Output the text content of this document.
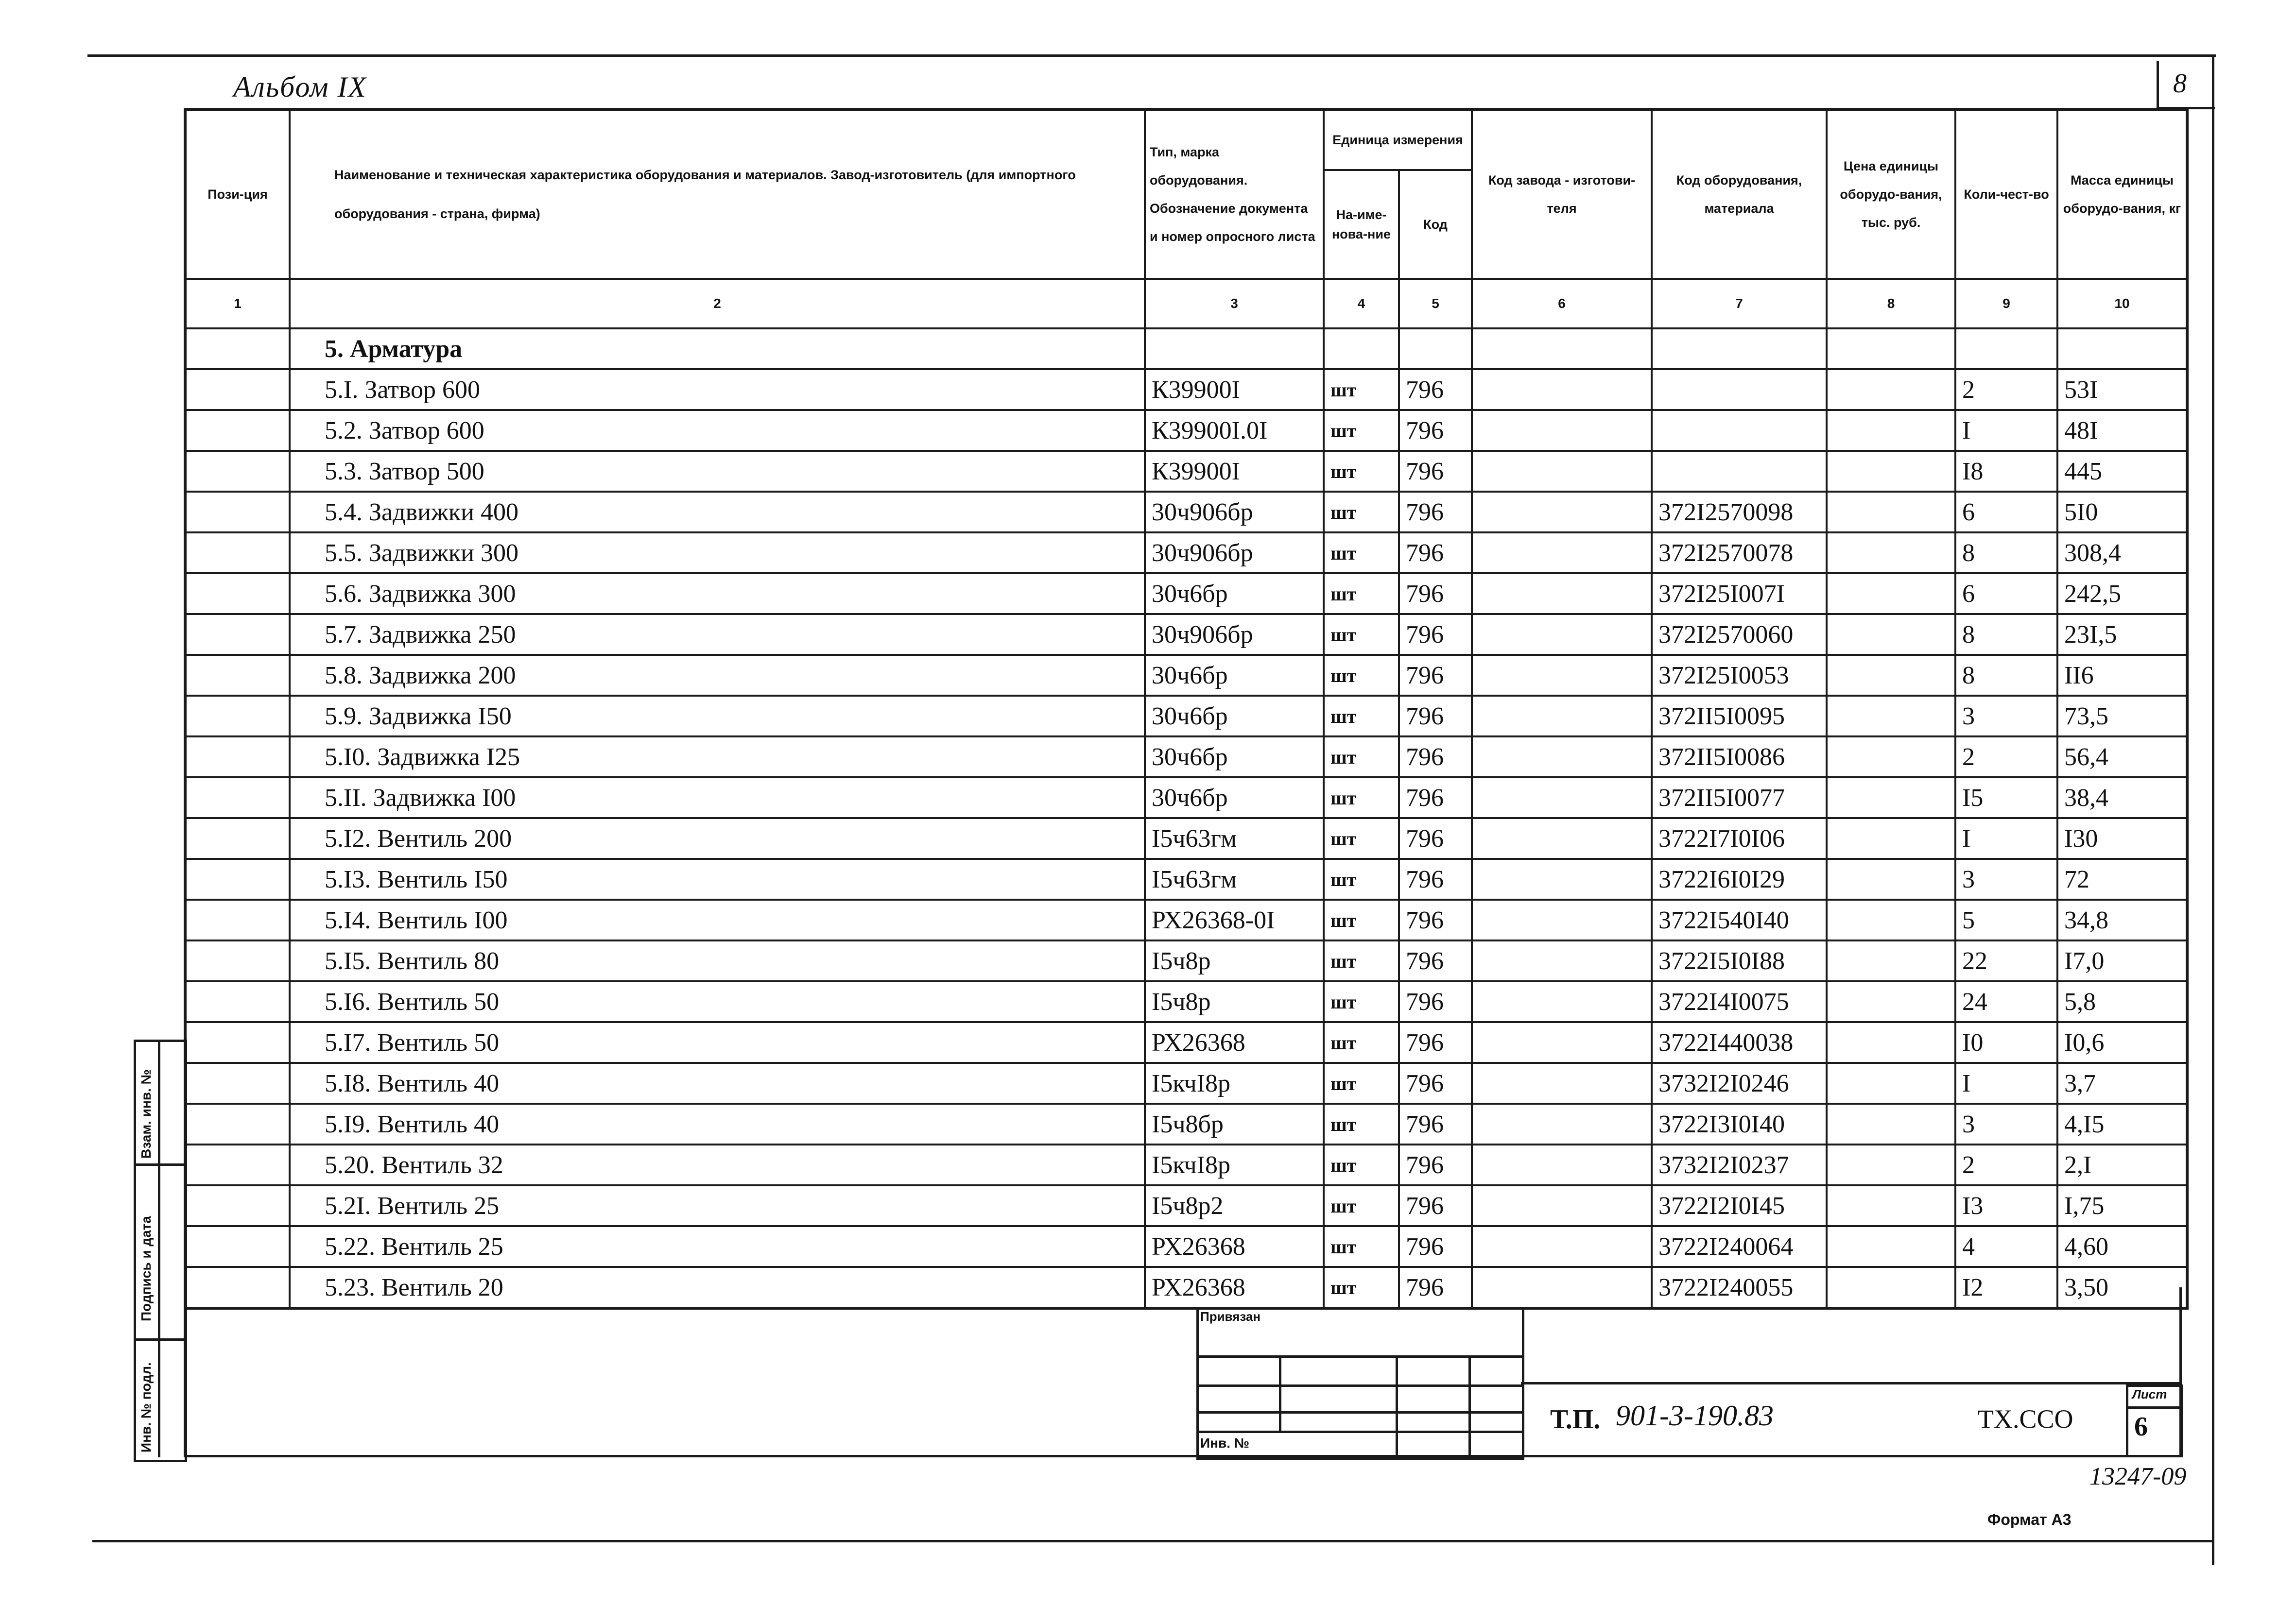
Альбом IX	8
Пози-ция	Наименование и техническая характеристика оборудования и материалов. Завод-изготовитель (для импортного оборудования - страна, фирма)	Тип, марка оборудования. Обозначение документа и номер опросного листа	Единица измерения		Код завода - изготови-теля	Код оборудования, материала	Цена единицы оборудо-вания, тыс. руб.	Коли-чест-во	Масса единицы оборудо-вания, кг
			На-име-нова-ние	Код					
1	2	3	4	5	6	7	8	9	10
	5. Арматура								
	5.I. Затвор 600	К39900I	шт	796				2	53I
	5.2. Затвор 600	К39900I.0I	шт	796				I	48I
	5.3. Затвор 500	К39900I	шт	796				I8	445
	5.4. Задвижки 400	30ч906бр	шт	796		372I2570098		6	5I0
	5.5. Задвижки 300	30ч906бр	шт	796		372I2570078		8	308,4
	5.6. Задвижка 300	30ч6бр	шт	796		372I25I007I		6	242,5
	5.7. Задвижка 250	30ч906бр	шт	796		372I2570060		8	23I,5
	5.8. Задвижка 200	30ч6бр	шт	796		372I25I0053		8	II6
	5.9. Задвижка I50	30ч6бр	шт	796		372II5I0095		3	73,5
	5.I0. Задвижка I25	30ч6бр	шт	796		372II5I0086		2	56,4
	5.II. Задвижка I00	30ч6бр	шт	796		372II5I0077		I5	38,4
	5.I2. Вентиль 200	I5ч63гм	шт	796		3722I7I0I06		I	I30
	5.I3. Вентиль I50	I5ч63гм	шт	796		3722I6I0I29		3	72
	5.I4. Вентиль I00	РХ26368-0I	шт	796		3722I540I40		5	34,8
	5.I5. Вентиль 80	I5ч8р	шт	796		3722I5I0I88		22	I7,0
	5.I6. Вентиль 50	I5ч8р	шт	796		3722I4I0075		24	5,8
	5.I7. Вентиль 50	РХ26368	шт	796		3722I440038		I0	I0,6
	5.I8. Вентиль 40	I5кчI8р	шт	796		3732I2I0246		I	3,7
	5.I9. Вентиль 40	I5ч8бр	шт	796		3722I3I0I40		3	4,I5
	5.20. Вентиль 32	I5кчI8р	шт	796		3732I2I0237		2	2,I
	5.2I. Вентиль 25	I5ч8р2	шт	796		3722I2I0I45		I3	I,75
	5.22. Вентиль 25	РХ26368	шт	796		3722I240064		4	4,60
	5.23. Вентиль 20	РХ26368	шт	796		3722I240055		I2	3,50
Привязан
Инв. №
Т.П. 901-3-190.83	ТХ.ССО
Лист
6
13247-09
Формат А3
Инв. № подл.
Подпись и дата
Взам. инв. №
